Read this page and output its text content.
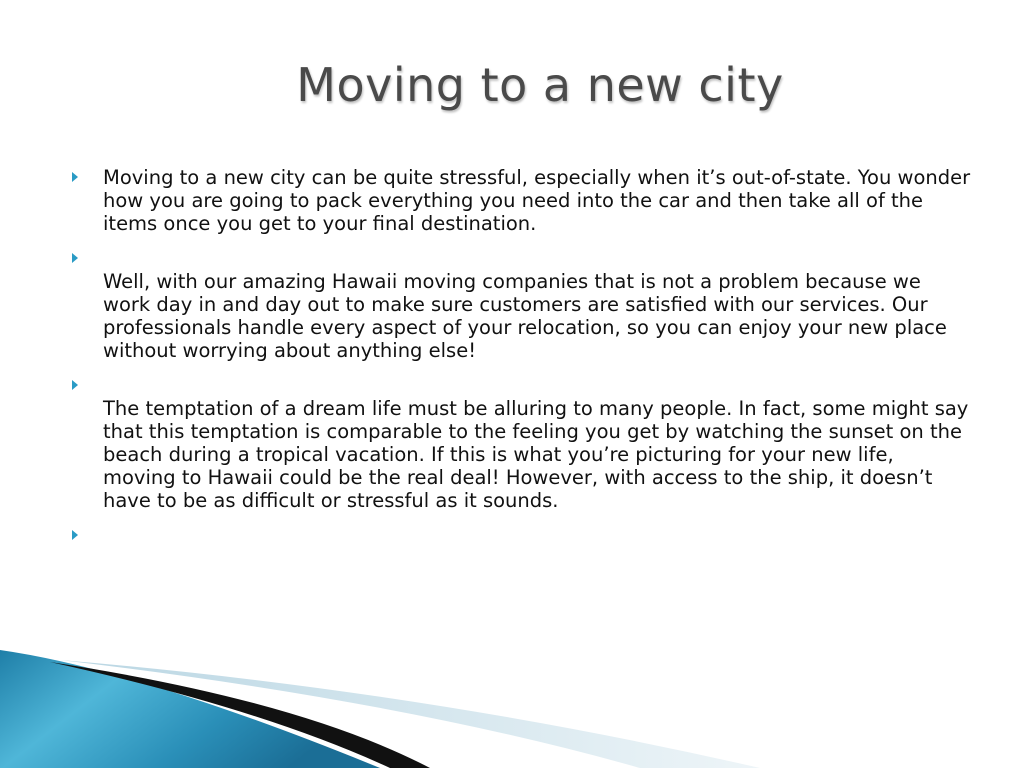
Moving to a new city
Moving to a new city can be quite stressful, especially when it’s out-of-state. You wonder how you are going to pack everything you need into the car and then take all of the items once you get to your final destination.
Well, with our amazing Hawaii moving companies that is not a problem because we work day in and day out to make sure customers are satisfied with our services. Our professionals handle every aspect of your relocation, so you can enjoy your new place without worrying about anything else!
The temptation of a dream life must be alluring to many people. In fact, some might say that this temptation is comparable to the feeling you get by watching the sunset on the beach during a tropical vacation. If this is what you’re picturing for your new life, moving to Hawaii could be the real deal! However, with access to the ship, it doesn’t have to be as difficult or stressful as it sounds.
